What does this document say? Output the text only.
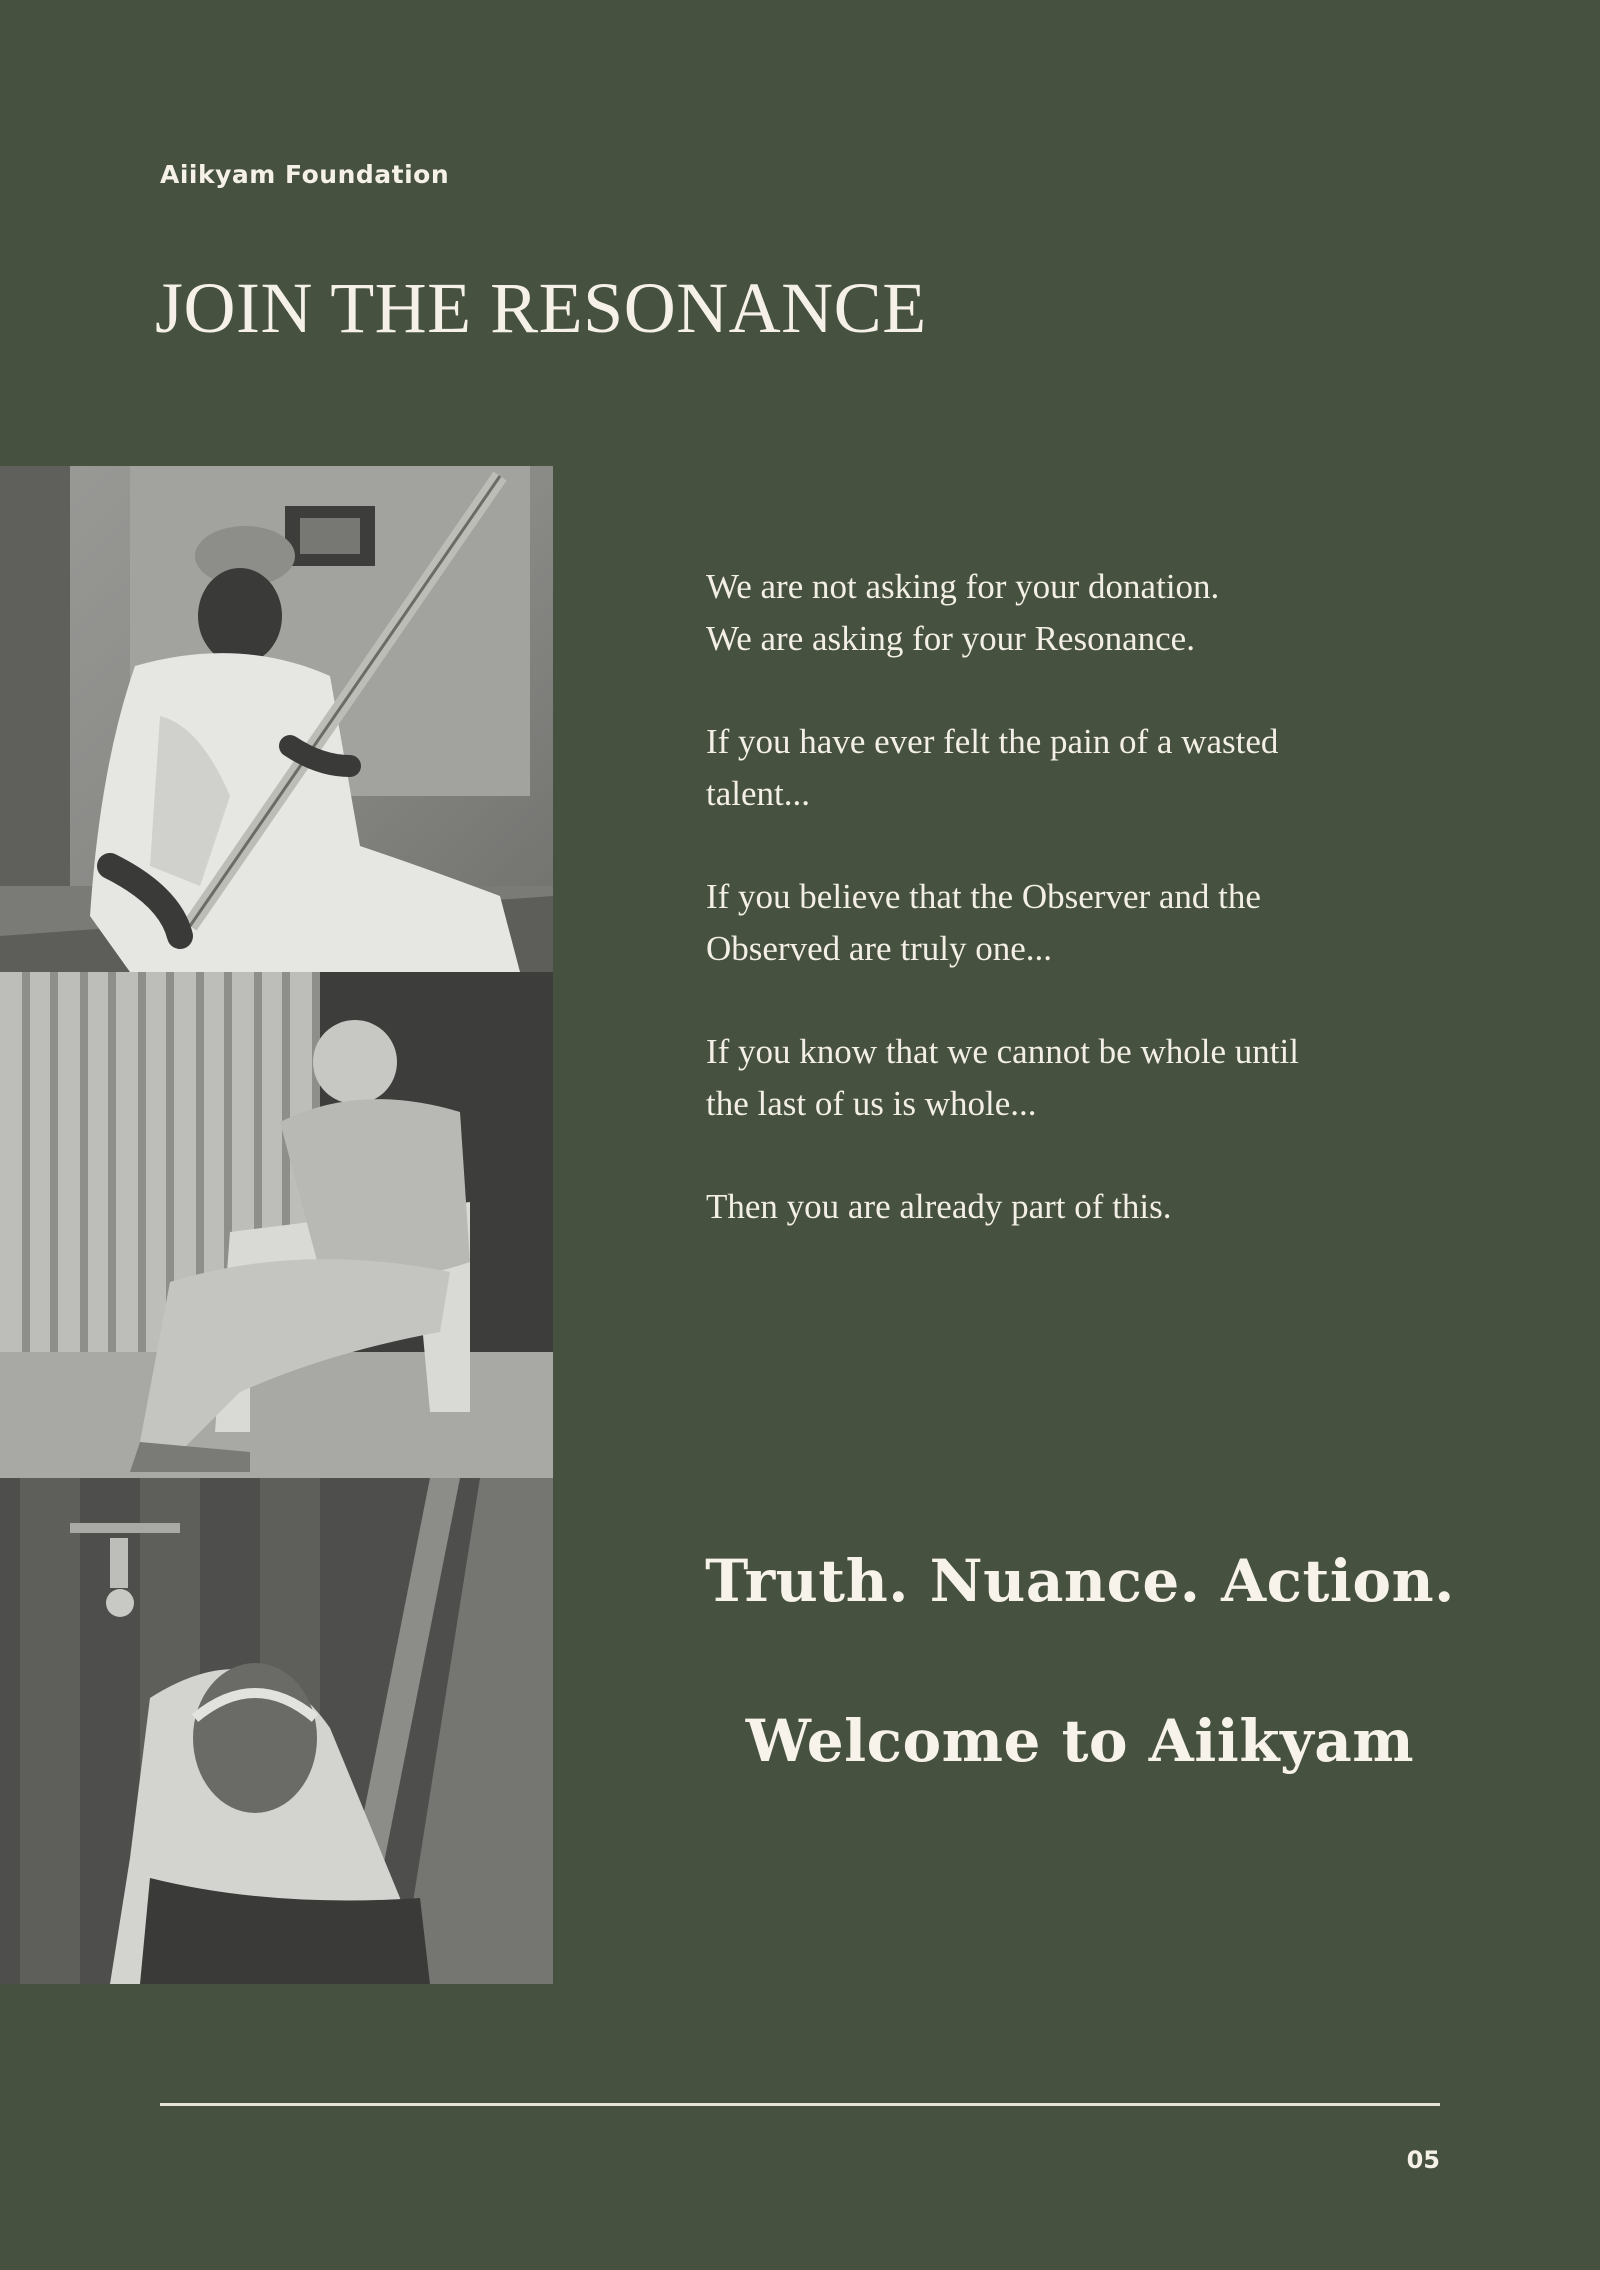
Aiikyam Foundation
JOIN THE RESONANCE

We are not asking for your donation.
We are asking for your Resonance.

If you have ever felt the pain of a wasted
talent...

If you believe that the Observer and the
Observed are truly one...

If you know that we cannot be whole until
the last of us is whole...

Then you are already part of this.

Truth. Nuance. Action.
Welcome to Aiikyam
05
